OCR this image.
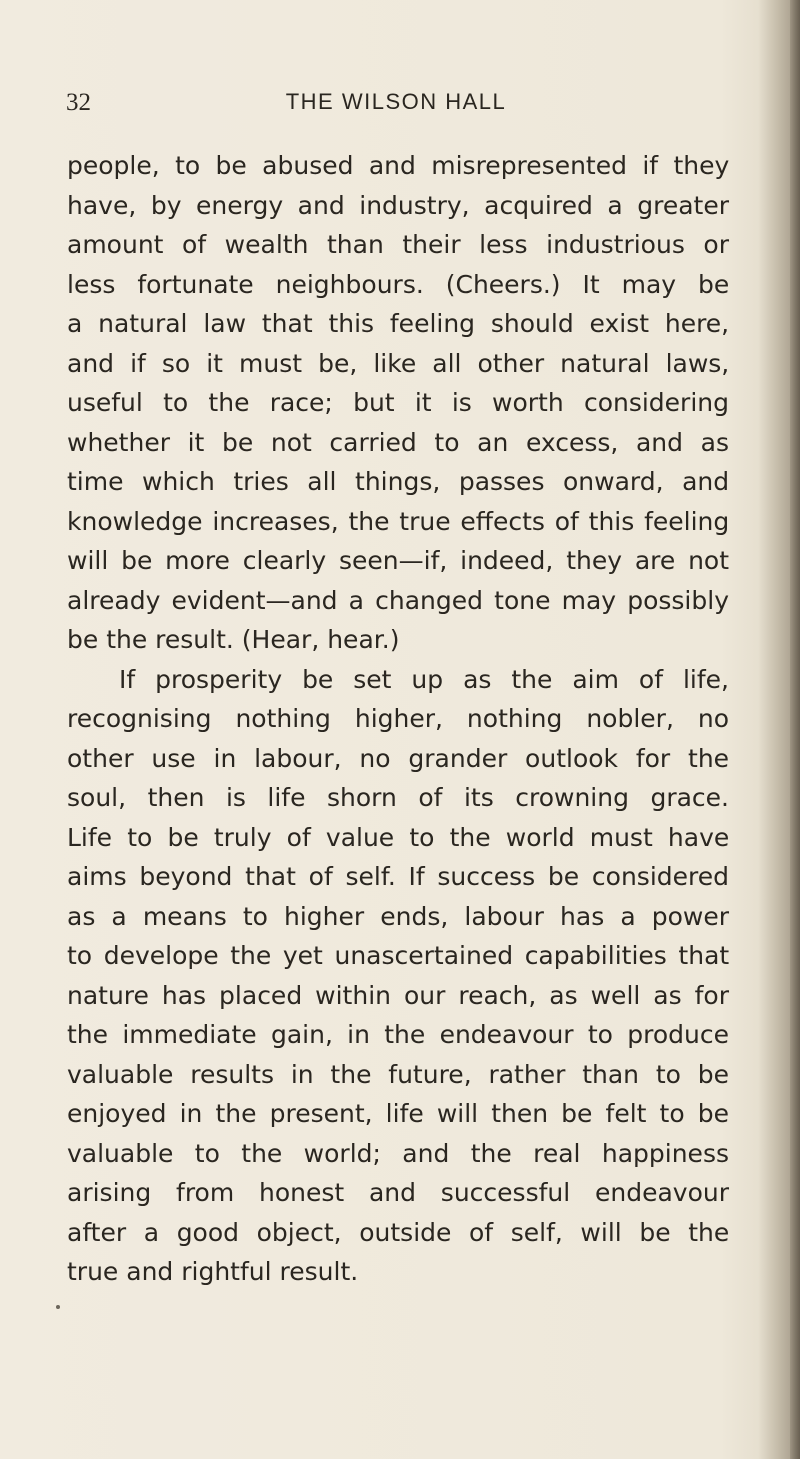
32	THE WILSON HALL
people, to be abused and misrepresented if they
have, by energy and industry, acquired a greater
amount of wealth than their less industrious or
less fortunate neighbours. (Cheers.) It may be
a natural law that this feeling should exist here,
and if so it must be, like all other natural laws,
useful to the race; but it is worth considering
whether it be not carried to an excess, and as
time which tries all things, passes onward, and
knowledge increases, the true effects of this feeling
will be more clearly seen—if, indeed, they are not
already evident—and a changed tone may possibly
be the result. (Hear, hear.)
If prosperity be set up as the aim of life,
recognising nothing higher, nothing nobler, no
other use in labour, no grander outlook for the
soul, then is life shorn of its crowning grace.
Life to be truly of value to the world must have
aims beyond that of self. If success be considered
as a means to higher ends, labour has a power
to develope the yet unascertained capabilities that
nature has placed within our reach, as well as for
the immediate gain, in the endeavour to produce
valuable results in the future, rather than to be
enjoyed in the present, life will then be felt to be
valuable to the world; and the real happiness
arising from honest and successful endeavour
after a good object, outside of self, will be the
true and rightful result.
